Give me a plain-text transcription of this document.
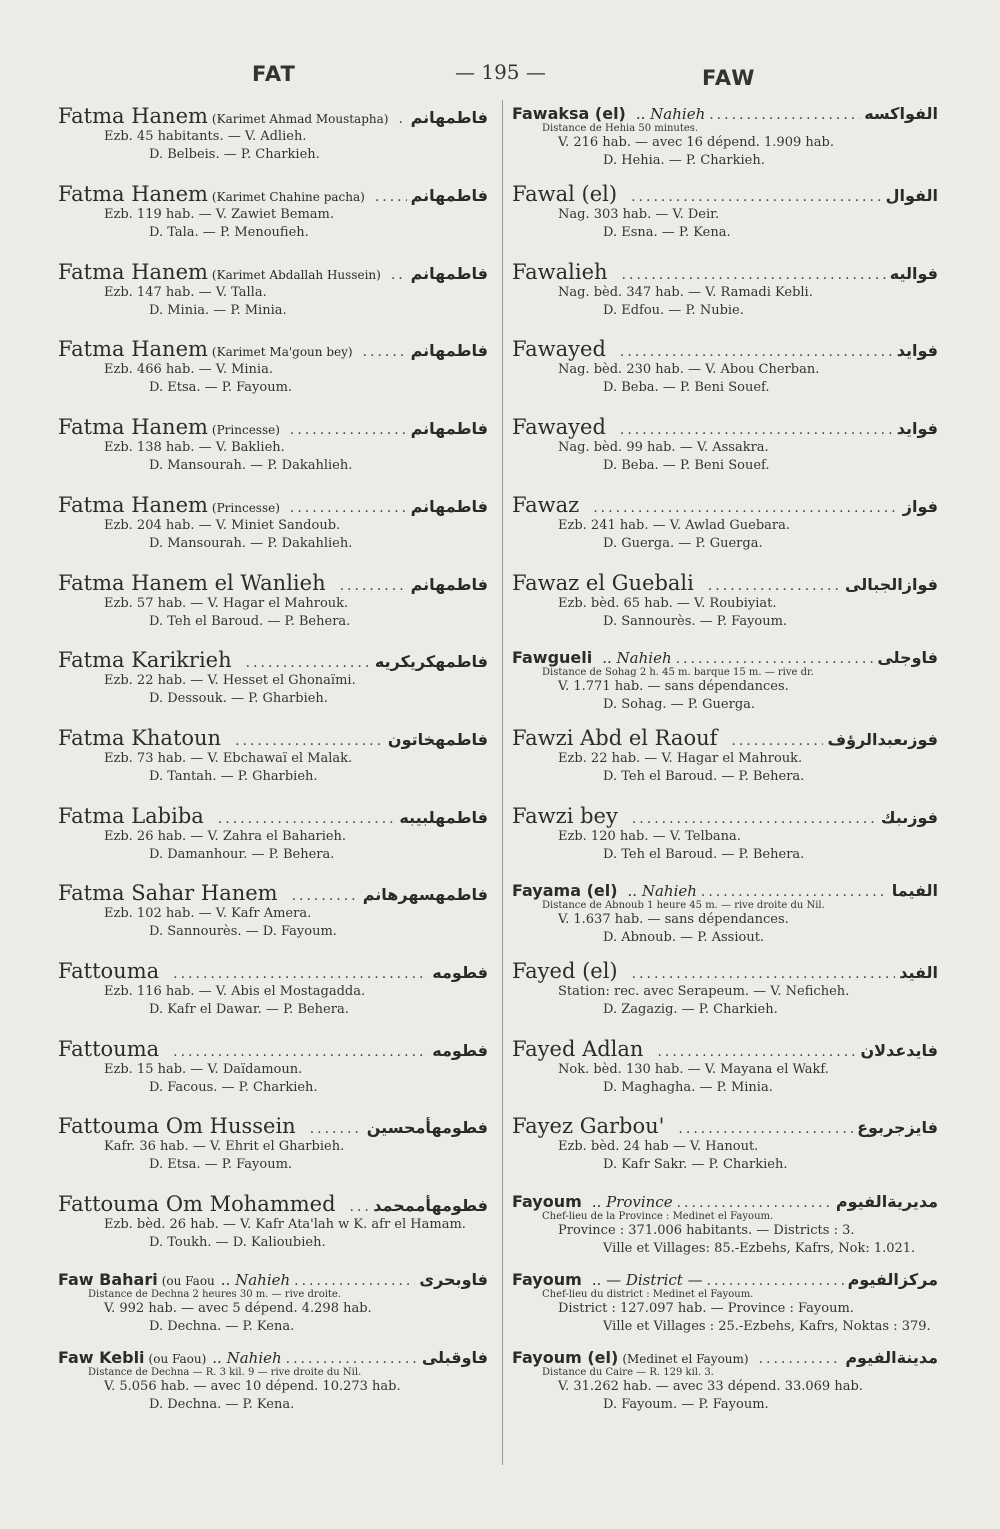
FAT	— 195 —	FAW
Fatma Hanem (Karimet Ahmad Moustapha) ..... فاطمهانم
Ezb. 45 habitants. — V. Adlieh.
D. Belbeis. — P. Charkieh.
Fatma Hanem (Karimet Chahine pacha) .....	فاطمهانم
Ezb. 119 hab. — V. Zawiet Bemam.
D. Tala. — P. Menoufieh.
Fatma Hanem (Karimet Abdallah Hussein) ..... فاطمهانم
Ezb. 147 hab. — V. Talla.
D. Minia. — P. Minia.
Fatma Hanem (Karimet Ma'goun bey) .....	فاطمهانم
Ezb. 466 hab. — V. Minia.
D. Etsa. — P. Fayoum.
Fatma Hanem (Princesse) .....	فاطمهانم
Ezb. 138 hab. — V. Baklieh.
D. Mansourah. — P. Dakahlieh.
Fatma Hanem (Princesse) .....	فاطمهانم
Ezb. 204 hab. — V. Miniet Sandoub.
D. Mansourah. — P. Dakahlieh.
Fatma Hanem el Wanlieh .....	فاطمهانم
Ezb. 57 hab. — V. Hagar el Mahrouk.
D. Teh el Baroud. — P. Behera.
Fatma Karikrieh .....	فاطمهكريكريه
Ezb. 22 hab. — V. Hesset el Ghonaïmi.
D. Dessouk. — P. Gharbieh.
Fatma Khatoun .....	فاطمهخاتون
Ezb. 73 hab. — V. Ebchawaï el Malak.
D. Tantah. — P. Gharbieh.
Fatma Labiba .....	فاطمهلبيبه
Ezb. 26 hab. — V. Zahra el Baharieh.
D. Damanhour. — P. Behera.
Fatma Sahar Hanem .....	فاطمهسهرهانم
Ezb. 102 hab. — V. Kafr Amera.
D. Sannourès. — D. Fayoum.
Fattouma .....	فطومه
Ezb. 116 hab. — V. Abis el Mostagadda.
D. Kafr el Dawar. — P. Behera.
Fattouma .....	فطومه
Ezb. 15 hab. — V. Daïdamoun.
D. Facous. — P. Charkieh.
Fattouma Om Hussein .....	فطومهأمحسين
Kafr. 36 hab. — V. Ehrit el Gharbieh.
D. Etsa. — P. Fayoum.
Fattouma Om Mohammed ..... فطومهأممحمد
Ezb. bèd. 26 hab. — V. Kafr Ata'lah w K. afr el Hamam.
D. Toukh. — D. Kalioubieh.
Faw Bahari (ou Faou .. Nahieh .....	فاوبحرى
Distance de Dechna 2 heures 30 m. — rive droite.
V. 992 hab. — avec 5 dépend. 4.298 hab.
D. Dechna. — P. Kena.
Faw Kebli (ou Faou) .. Nahieh .....	فاوقبلى
Distance de Dechna — R. 3 kil. 9 — rive droite du Nil.
V. 5.056 hab. — avec 10 dépend. 10.273 hab.
D. Dechna. — P. Kena.
Fawaksa (el) .. Nahieh .....	الفواكسه
Distance de Hehia 50 minutes.
V. 216 hab. — avec 16 dépend. 1.909 hab.
D. Hehia. — P. Charkieh.
Fawal (el) .....	الفوال
Nag. 303 hab. — V. Deir.
D. Esna. — P. Kena.
Fawalieh .....	فواليه
Nag. bèd. 347 hab. — V. Ramadi Kebli.
D. Edfou. — P. Nubie.
Fawayed .....	فوايد
Nag. bèd. 230 hab. — V. Abou Cherban.
D. Beba. — P. Beni Souef.
Fawayed .....	فوايد
Nag. bèd. 99 hab. — V. Assakra.
D. Beba. — P. Beni Souef.
Fawaz .....	فواز
Ezb. 241 hab. — V. Awlad Guebara.
D. Guerga. — P. Guerga.
Fawaz el Guebali .....	فوازالجبالى
Ezb. bèd. 65 hab. — V. Roubiyiat.
D. Sannourès. — P. Fayoum.
Fawgueli .. Nahieh .....	فاوجلى
Distance de Sohag 2 h. 45 m. barque 15 m. — rive dr.
V. 1.771 hab. — sans dépendances.
D. Sohag. — P. Guerga.
Fawzi Abd el Raouf .....	فوزىعبدالرؤف
Ezb. 22 hab. — V. Hagar el Mahrouk.
D. Teh el Baroud. — P. Behera.
Fawzi bey .....	فوزىبك
Ezb. 120 hab. — V. Telbana.
D. Teh el Baroud. — P. Behera.
Fayama (el) .. Nahieh .....	الفيما
Distance de Abnoub 1 heure 45 m. — rive droite du Nil.
V. 1.637 hab. — sans dépendances.
D. Abnoub. — P. Assiout.
Fayed (el) .....	الفيد
Station: rec. avec Serapeum. — V. Neficheh.
D. Zagazig. — P. Charkieh.
Fayed Adlan .....	فايدعدلان
Nok. bèd. 130 hab. — V. Mayana el Wakf.
D. Maghagha. — P. Minia.
Fayez Garbou' .....	فايزجربوع
Ezb. bèd. 24 hab — V. Hanout.
D. Kafr Sakr. — P. Charkieh.
Fayoum .. Province .....	مديريةالفيوم
Chef-lieu de la Province : Medinet el Fayoum.
Province : 371.006 habitants. — Districts : 3.
Ville et Villages: 85.-Ezbehs, Kafrs, Nok: 1.021.
Fayoum .. — District — .....	مركزالفيوم
Chef-lieu du district : Medinet el Fayoum.
District : 127.097 hab. — Province : Fayoum.
Ville et Villages : 25.-Ezbehs, Kafrs, Noktas : 379.
Fayoum (el) (Medinet el Fayoum) .....	مدينةالفيوم
Distance du Caire — R. 129 kil. 3.
V. 31.262 hab. — avec 33 dépend. 33.069 hab.
D. Fayoum. — P. Fayoum.
